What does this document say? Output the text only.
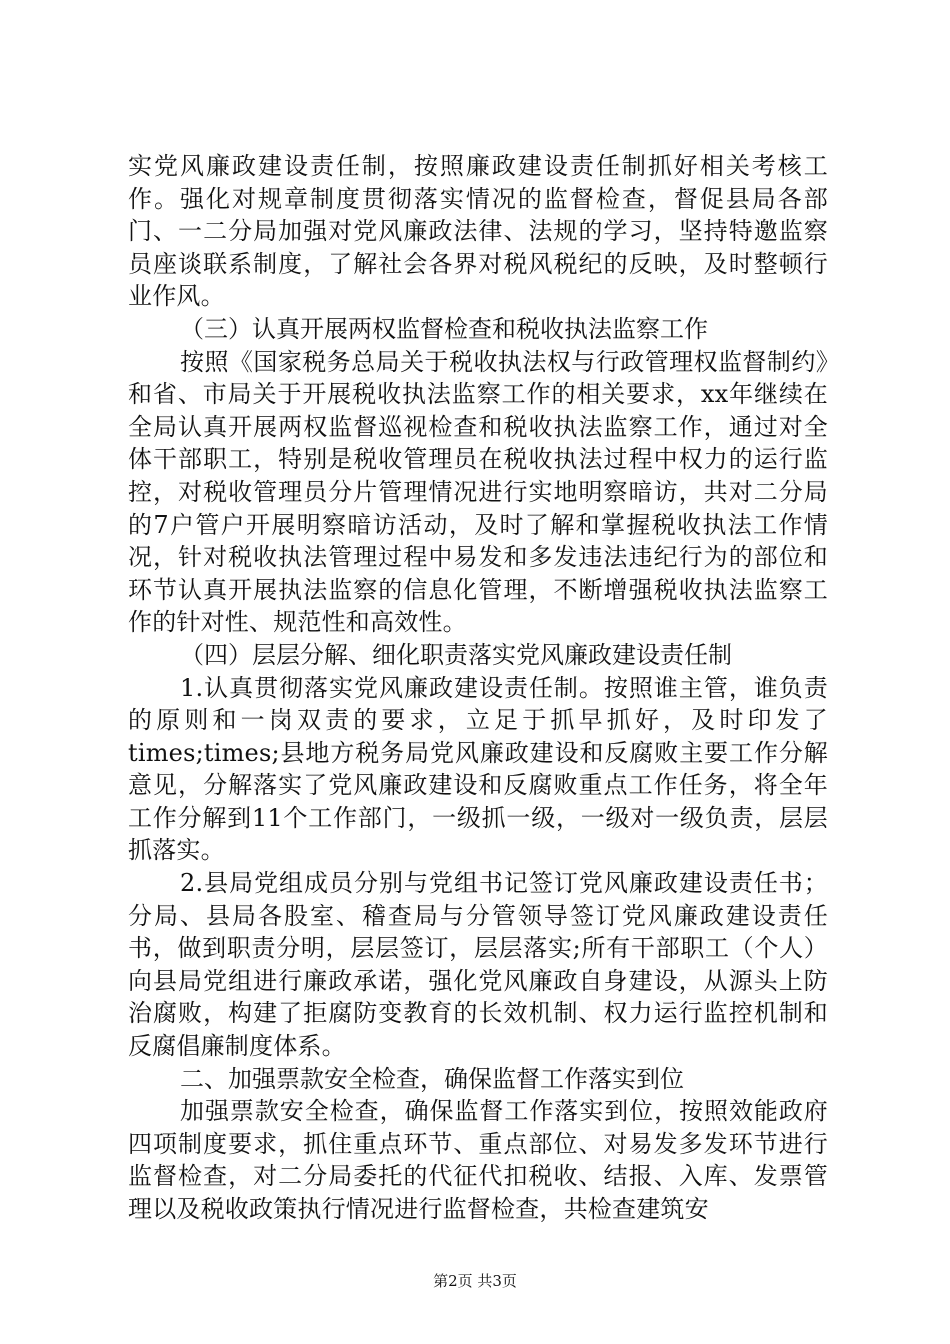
实党风廉政建设责任制，按照廉政建设责任制抓好相关考核工作。强化对规章制度贯彻落实情况的监督检查，督促县局各部门、一二分局加强对党风廉政法律、法规的学习，坚持特邀监察员座谈联系制度，了解社会各界对税风税纪的反映，及时整顿行业作风。

（三）认真开展两权监督检查和税收执法监察工作

按照《国家税务总局关于税收执法权与行政管理权监督制约》和省、市局关于开展税收执法监察工作的相关要求，xx年继续在全局认真开展两权监督巡视检查和税收执法监察工作，通过对全体干部职工，特别是税收管理员在税收执法过程中权力的运行监控，对税收管理员分片管理情况进行实地明察暗访，共对二分局的7户管户开展明察暗访活动，及时了解和掌握税收执法工作情况，针对税收执法管理过程中易发和多发违法违纪行为的部位和环节认真开展执法监察的信息化管理，不断增强税收执法监察工作的针对性、规范性和高效性。

（四）层层分解、细化职责落实党风廉政建设责任制

1.认真贯彻落实党风廉政建设责任制。按照谁主管，谁负责的原则和一岗双责的要求，立足于抓早抓好，及时印发了times;times;县地方税务局党风廉政建设和反腐败主要工作分解意见，分解落实了党风廉政建设和反腐败重点工作任务，将全年工作分解到11个工作部门，一级抓一级，一级对一级负责，层层抓落实。

2.县局党组成员分别与党组书记签订党风廉政建设责任书；分局、县局各股室、稽查局与分管领导签订党风廉政建设责任书，做到职责分明，层层签订，层层落实;所有干部职工（个人）向县局党组进行廉政承诺，强化党风廉政自身建设，从源头上防治腐败，构建了拒腐防变教育的长效机制、权力运行监控机制和反腐倡廉制度体系。

二、加强票款安全检查，确保监督工作落实到位

加强票款安全检查，确保监督工作落实到位，按照效能政府四项制度要求，抓住重点环节、重点部位、对易发多发环节进行监督检查，对二分局委托的代征代扣税收、结报、入库、发票管理以及税收政策执行情况进行监督检查，共检查建筑安

第2页 共3页
